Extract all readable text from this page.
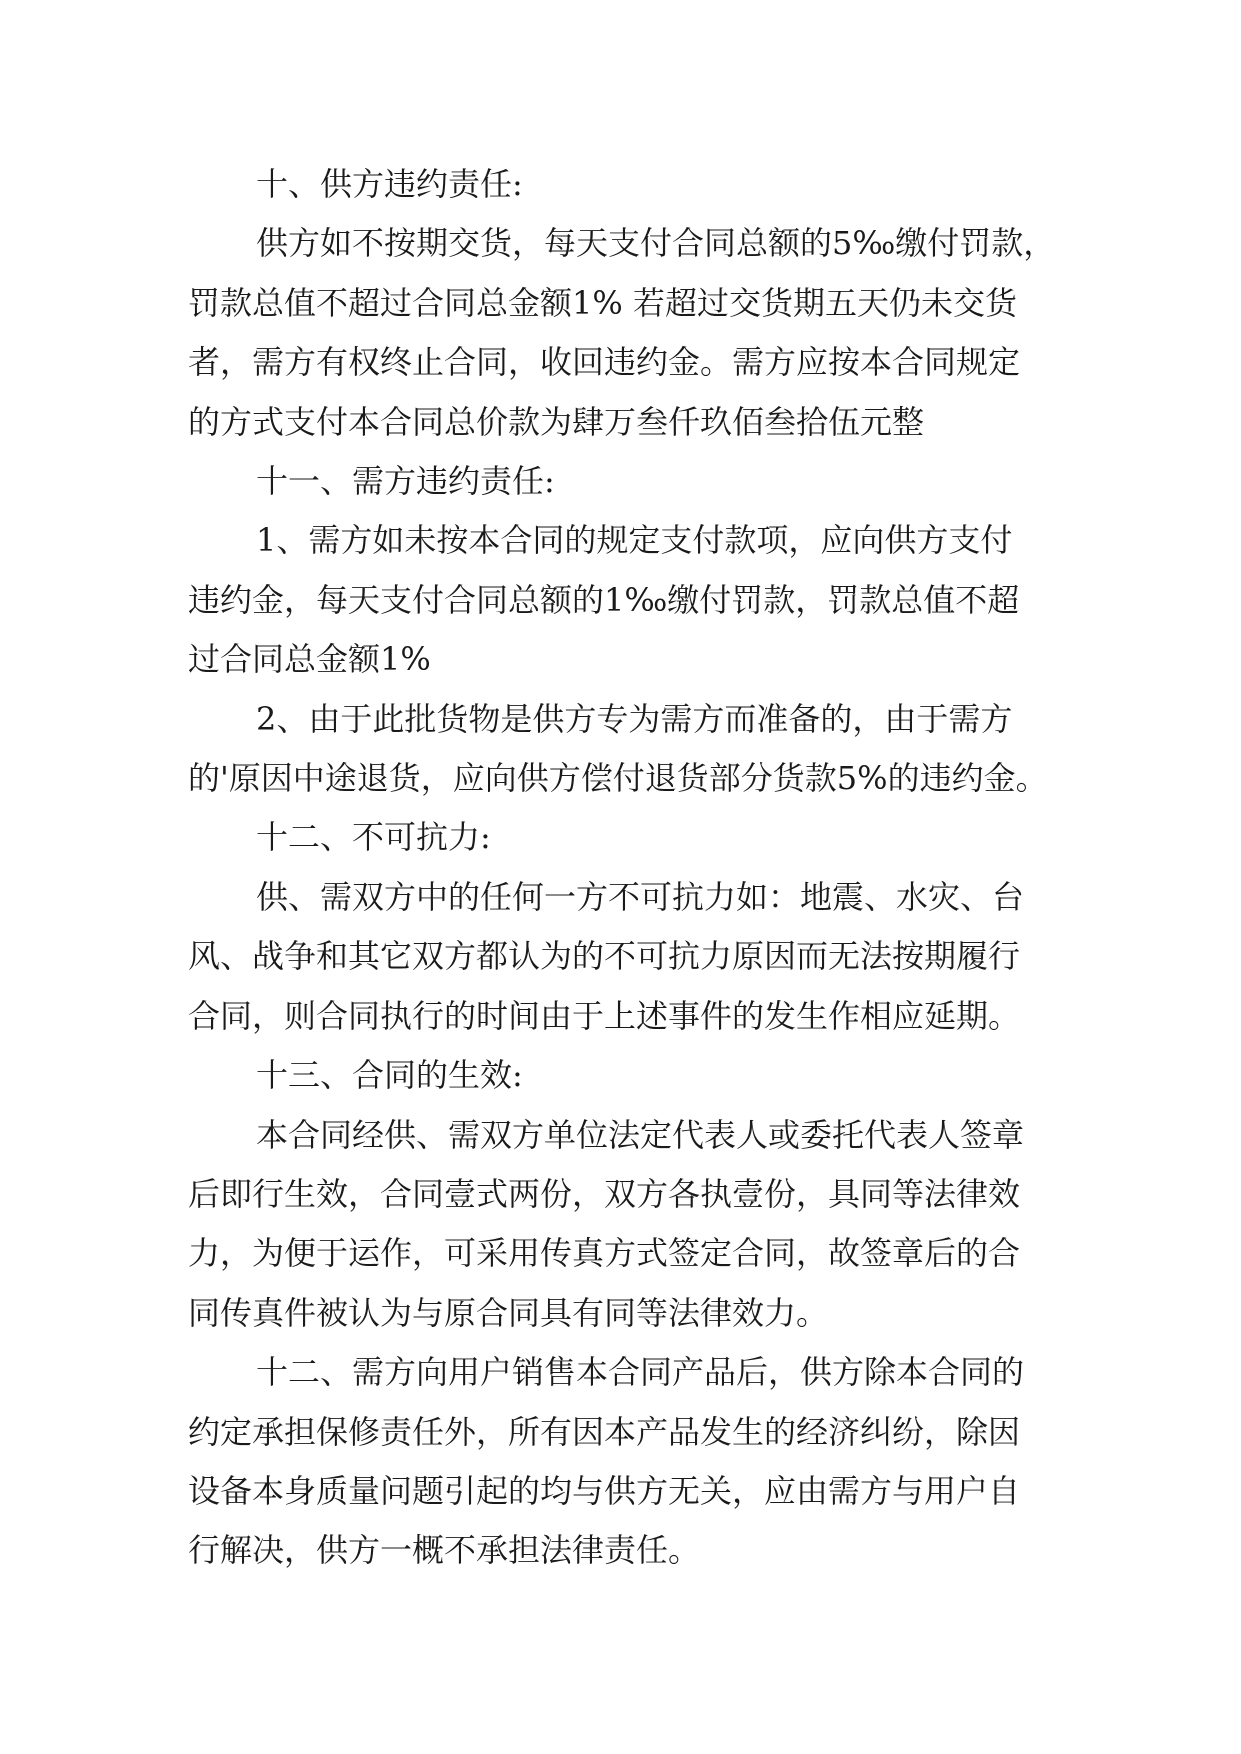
十、供方违约责任:

供方如不按期交货，每天支付合同总额的5‰缴付罚款，
罚款总值不超过合同总金额1% 若超过交货期五天仍未交货
者，需方有权终止合同，收回违约金。需方应按本合同规定
的方式支付本合同总价款为肆万叁仟玖佰叁拾伍元整

十一、需方违约责任:

1、需方如未按本合同的规定支付款项，应向供方支付
违约金，每天支付合同总额的1‰缴付罚款，罚款总值不超
过合同总金额1%

2、由于此批货物是供方专为需方而准备的，由于需方
的'原因中途退货，应向供方偿付退货部分货款5%的违约金。

十二、不可抗力:

供、需双方中的任何一方不可抗力如：地震、水灾、台
风、战争和其它双方都认为的不可抗力原因而无法按期履行
合同，则合同执行的时间由于上述事件的发生作相应延期。

十三、合同的生效:

本合同经供、需双方单位法定代表人或委托代表人签章
后即行生效，合同壹式两份，双方各执壹份，具同等法律效
力，为便于运作，可采用传真方式签定合同，故签章后的合
同传真件被认为与原合同具有同等法律效力。

十二、需方向用户销售本合同产品后，供方除本合同的
约定承担保修责任外，所有因本产品发生的经济纠纷，除因
设备本身质量问题引起的均与供方无关，应由需方与用户自
行解决，供方一概不承担法律责任。
